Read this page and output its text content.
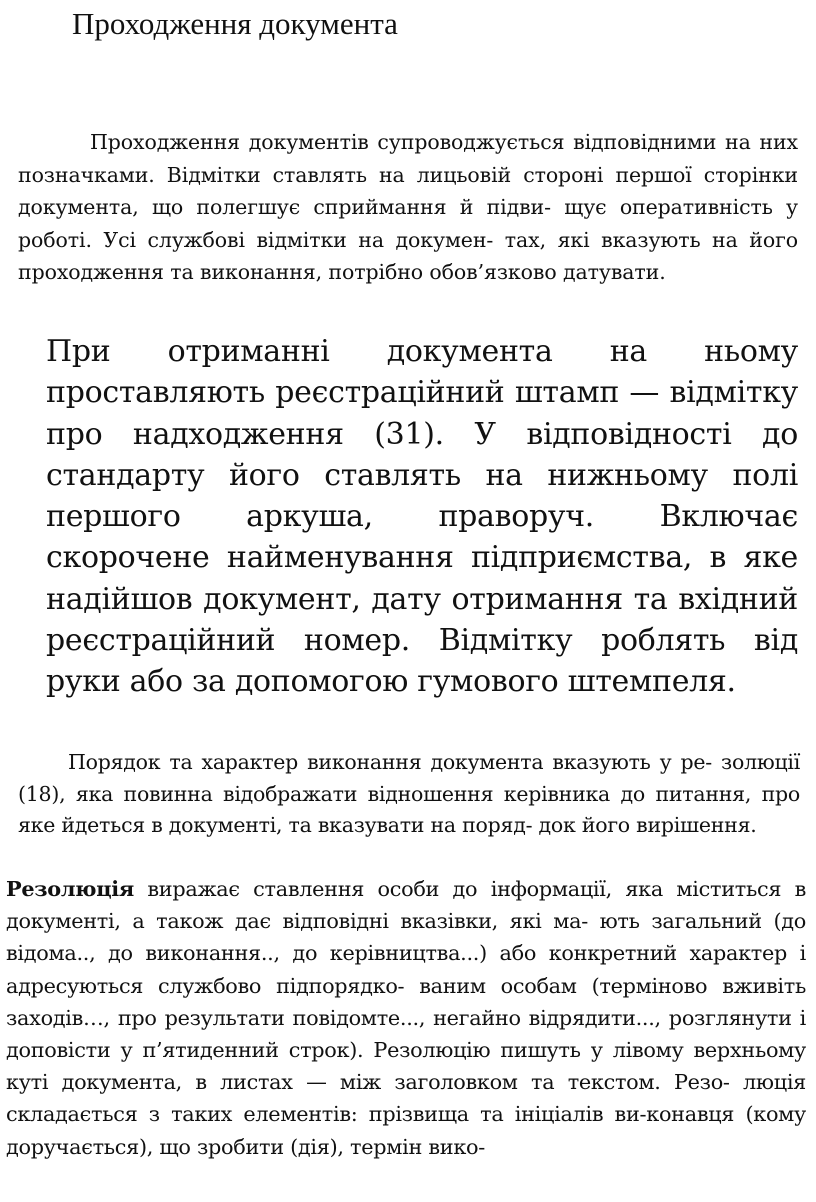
Проходження документа

Проходження документів супроводжується відповідними на них позначками. Відмітки ставлять на лицьовій стороні першої сторінки документа, що полегшує сприймання й підви- щує оперативність у роботі. Усі службові відмітки на докумен- тах, які вказують на його проходження та виконання, потрібно обов’язково датувати.

При отриманні документа на ньому проставляють реєстраційний штамп — відмітку про надходження (31). У відповідності до стандарту його ставлять на нижньому полі першого аркуша, праворуч. Включає скорочене найменування підприємства, в яке надійшов документ, дату отримання та вхідний реєстраційний номер. Відмітку роблять від руки або за допомогою гумового штемпеля.

Порядок та характер виконання документа вказують у ре- золюції (18), яка повинна відображати відношення керівника до питання, про яке йдеться в документі, та вказувати на поряд- док його вирішення.

Резолюція виражає ставлення особи до інформації, яка міститься в документі, а також дає відповідні вказівки, які ма- ють загальний (до відома.., до виконання.., до керівництва...) або конкретний характер і адресуються службово підпорядко- ваним особам (терміново вживіть заходів…, про результати повідомте..., негайно відрядити..., розглянути і доповісти у п’ятиденний строк). Резолюцію пишуть у лівому верхньому куті документа, в листах — між заголовком та текстом. Резо- люція складається з таких елементів: прізвища та ініціалів ви-конавця (кому доручається), що зробити (дія), термін вико-
